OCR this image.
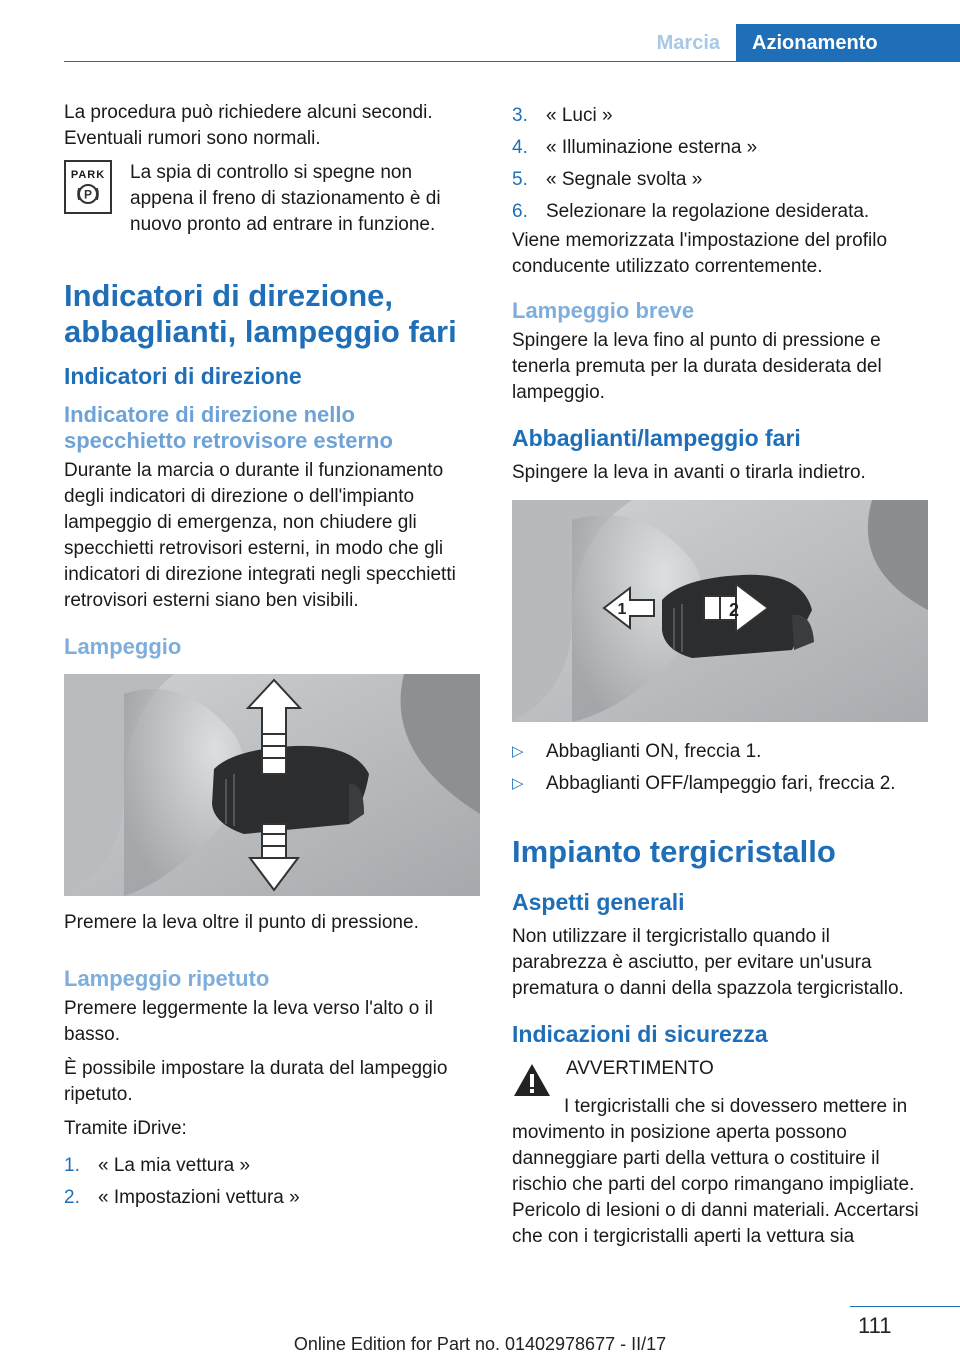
Marcia	Azionamento

La procedura può richiedere alcuni secondi. Eventuali rumori sono normali.

PARK
P
La spia di controllo si spegne non appena il freno di stazionamento è di nuovo pronto ad entrare in funzione.
Indicatori di direzione, abbaglianti, lampeggio fari
Indicatori di direzione
Indicatore di direzione nello specchietto retrovisore esterno

Durante la marcia o durante il funzionamento degli indicatori di direzione o dell'impianto lampeggio di emergenza, non chiudere gli specchietti retrovisori esterni, in modo che gli indicatori di direzione integrati negli specchietti retrovisori esterni siano ben visibili.

Lampeggio

Premere la leva oltre il punto di pressione.

Lampeggio ripetuto

Premere leggermente la leva verso l'alto o il basso.

È possibile impostare la durata del lampeggio ripetuto.

Tramite iDrive:

1. « La mia vettura »
2. « Impostazioni vettura »
3. « Luci »
4. « Illuminazione esterna »
5. « Segnale svolta »
6. Selezionare la regolazione desiderata.

Viene memorizzata l'impostazione del profilo conducente utilizzato correntemente.

Lampeggio breve

Spingere la leva fino al punto di pressione e tenerla premuta per la durata desiderata del lampeggio.

Abbaglianti/lampeggio fari

Spingere la leva in avanti o tirarla indietro.

1	2
▷	Abbaglianti ON, freccia 1.
▷	Abbaglianti OFF/lampeggio fari, freccia 2.
Impianto tergicristallo
Aspetti generali

Non utilizzare il tergicristallo quando il parabrezza è asciutto, per evitare un'usura prematura o danni della spazzola tergicristallo.

Indicazioni di sicurezza
AVVERTIMENTO

I tergicristalli che si dovessero mettere in movimento in posizione aperta possono danneggiare parti della vettura o costituire il rischio che parti del corpo rimangano impigliate. Pericolo di lesioni o di danni materiali. Accertarsi che con i tergicristalli aperti la vettura sia

111
Online Edition for Part no. 01402978677 - II/17
